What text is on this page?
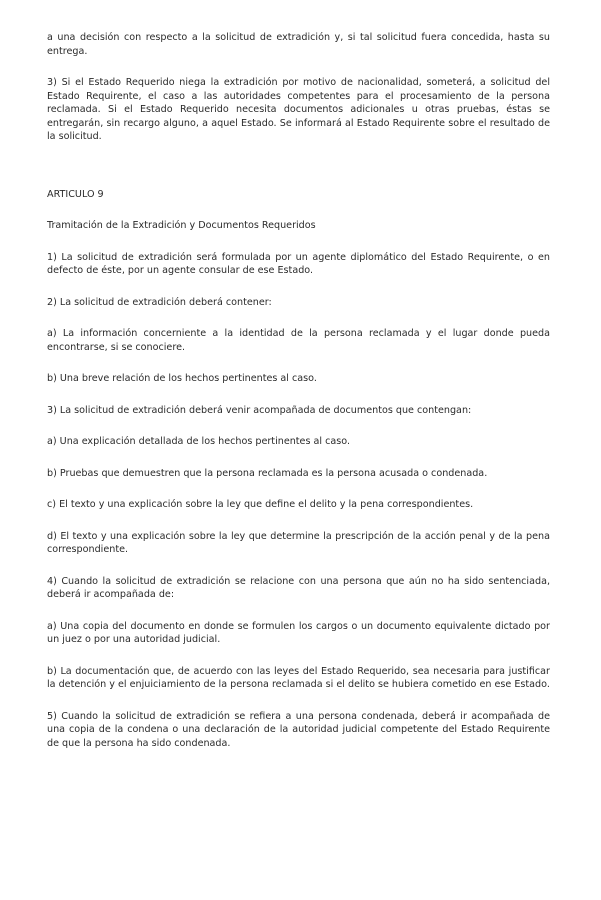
a una decisión con respecto a la solicitud de extradición y, si tal solicitud fuera concedida, hasta su entrega.

3) Si el Estado Requerido niega la extradición por motivo de nacionalidad, someterá, a solicitud del Estado Requirente, el caso a las autoridades competentes para el procesamiento de la persona reclamada. Si el Estado Requerido necesita documentos adicionales u otras pruebas, éstas se entregarán, sin recargo alguno, a aquel Estado. Se informará al Estado Requirente sobre el resultado de la solicitud.

ARTICULO 9

Tramitación de la Extradición y Documentos Requeridos

1) La solicitud de extradición será formulada por un agente diplomático del Estado Requirente, o en defecto de éste, por un agente consular de ese Estado.

2) La solicitud de extradición deberá contener:

a) La información concerniente a la identidad de la persona reclamada y el lugar donde pueda encontrarse, si se conociere.

b) Una breve relación de los hechos pertinentes al caso.

3) La solicitud de extradición deberá venir acompañada de documentos que contengan:

a) Una explicación detallada de los hechos pertinentes al caso.

b) Pruebas que demuestren que la persona reclamada es la persona acusada o condenada.

c) El texto y una explicación sobre la ley que define el delito y la pena correspondientes.

d) El texto y una explicación sobre la ley que determine la prescripción de la acción penal y de la pena correspondiente.

4) Cuando la solicitud de extradición se relacione con una persona que aún no ha sido sentenciada, deberá ir acompañada de:

a) Una copia del documento en donde se formulen los cargos o un documento equivalente dictado por un juez o por una autoridad judicial.

b) La documentación que, de acuerdo con las leyes del Estado Requerido, sea necesaria para justificar la detención y el enjuiciamiento de la persona reclamada si el delito se hubiera cometido en ese Estado.

5) Cuando la solicitud de extradición se refiera a una persona condenada, deberá ir acompañada de una copia de la condena o una declaración de la autoridad judicial competente del Estado Requirente de que la persona ha sido condenada.
